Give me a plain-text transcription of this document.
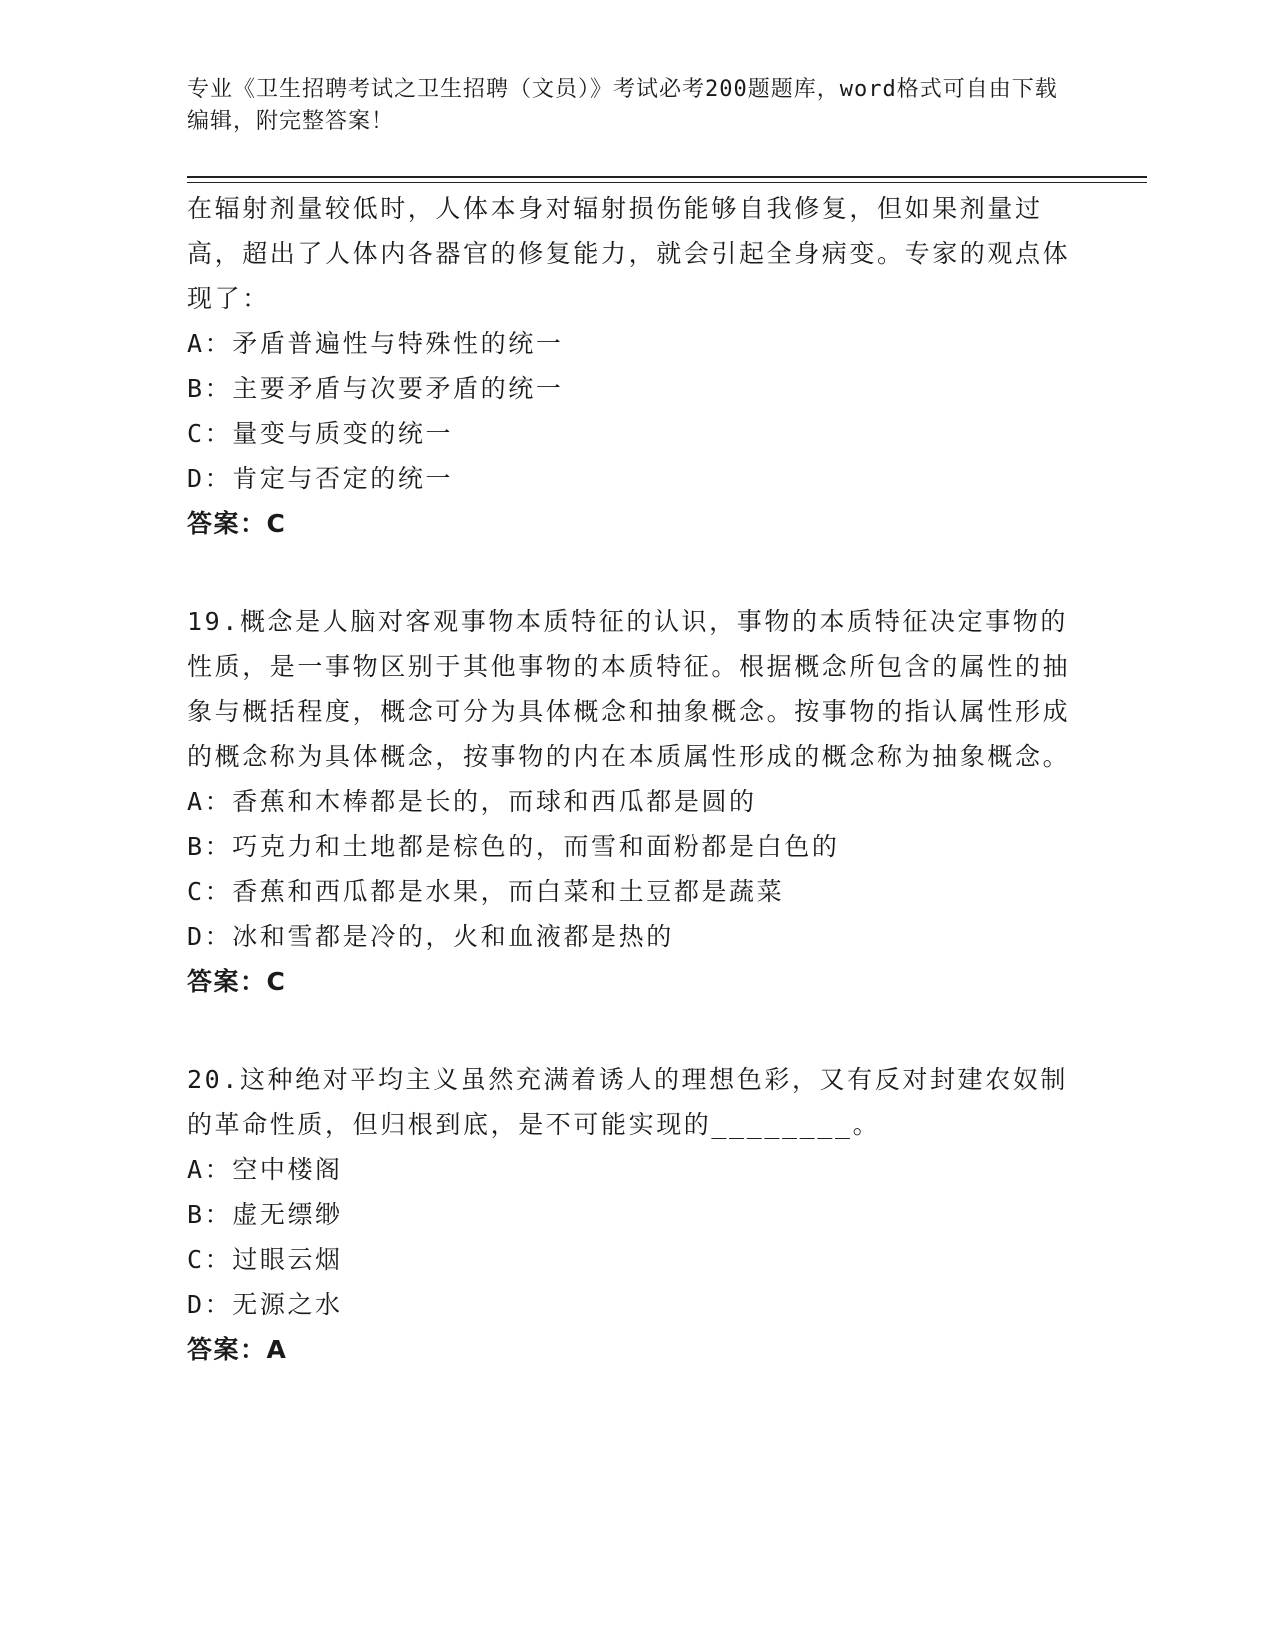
专业《卫生招聘考试之卫生招聘（文员）》考试必考200题题库，word格式可自由下载编辑，附完整答案！

在辐射剂量较低时，人体本身对辐射损伤能够自我修复，但如果剂量过高，超出了人体内各器官的修复能力，就会引起全身病变。专家的观点体现了：

A：矛盾普遍性与特殊性的统一

B：主要矛盾与次要矛盾的统一

C：量变与质变的统一

D：肯定与否定的统一

答案：C

19.概念是人脑对客观事物本质特征的认识，事物的本质特征决定事物的性质，是一事物区别于其他事物的本质特征。根据概念所包含的属性的抽象与概括程度，概念可分为具体概念和抽象概念。按事物的指认属性形成的概念称为具体概念，按事物的内在本质属性形成的概念称为抽象概念。

A：香蕉和木棒都是长的，而球和西瓜都是圆的

B：巧克力和土地都是棕色的，而雪和面粉都是白色的

C：香蕉和西瓜都是水果，而白菜和土豆都是蔬菜

D：冰和雪都是冷的，火和血液都是热的

答案：C

20.这种绝对平均主义虽然充满着诱人的理想色彩，又有反对封建农奴制的革命性质，但归根到底，是不可能实现的________。

A：空中楼阁

B：虚无缥缈

C：过眼云烟

D：无源之水

答案：A
